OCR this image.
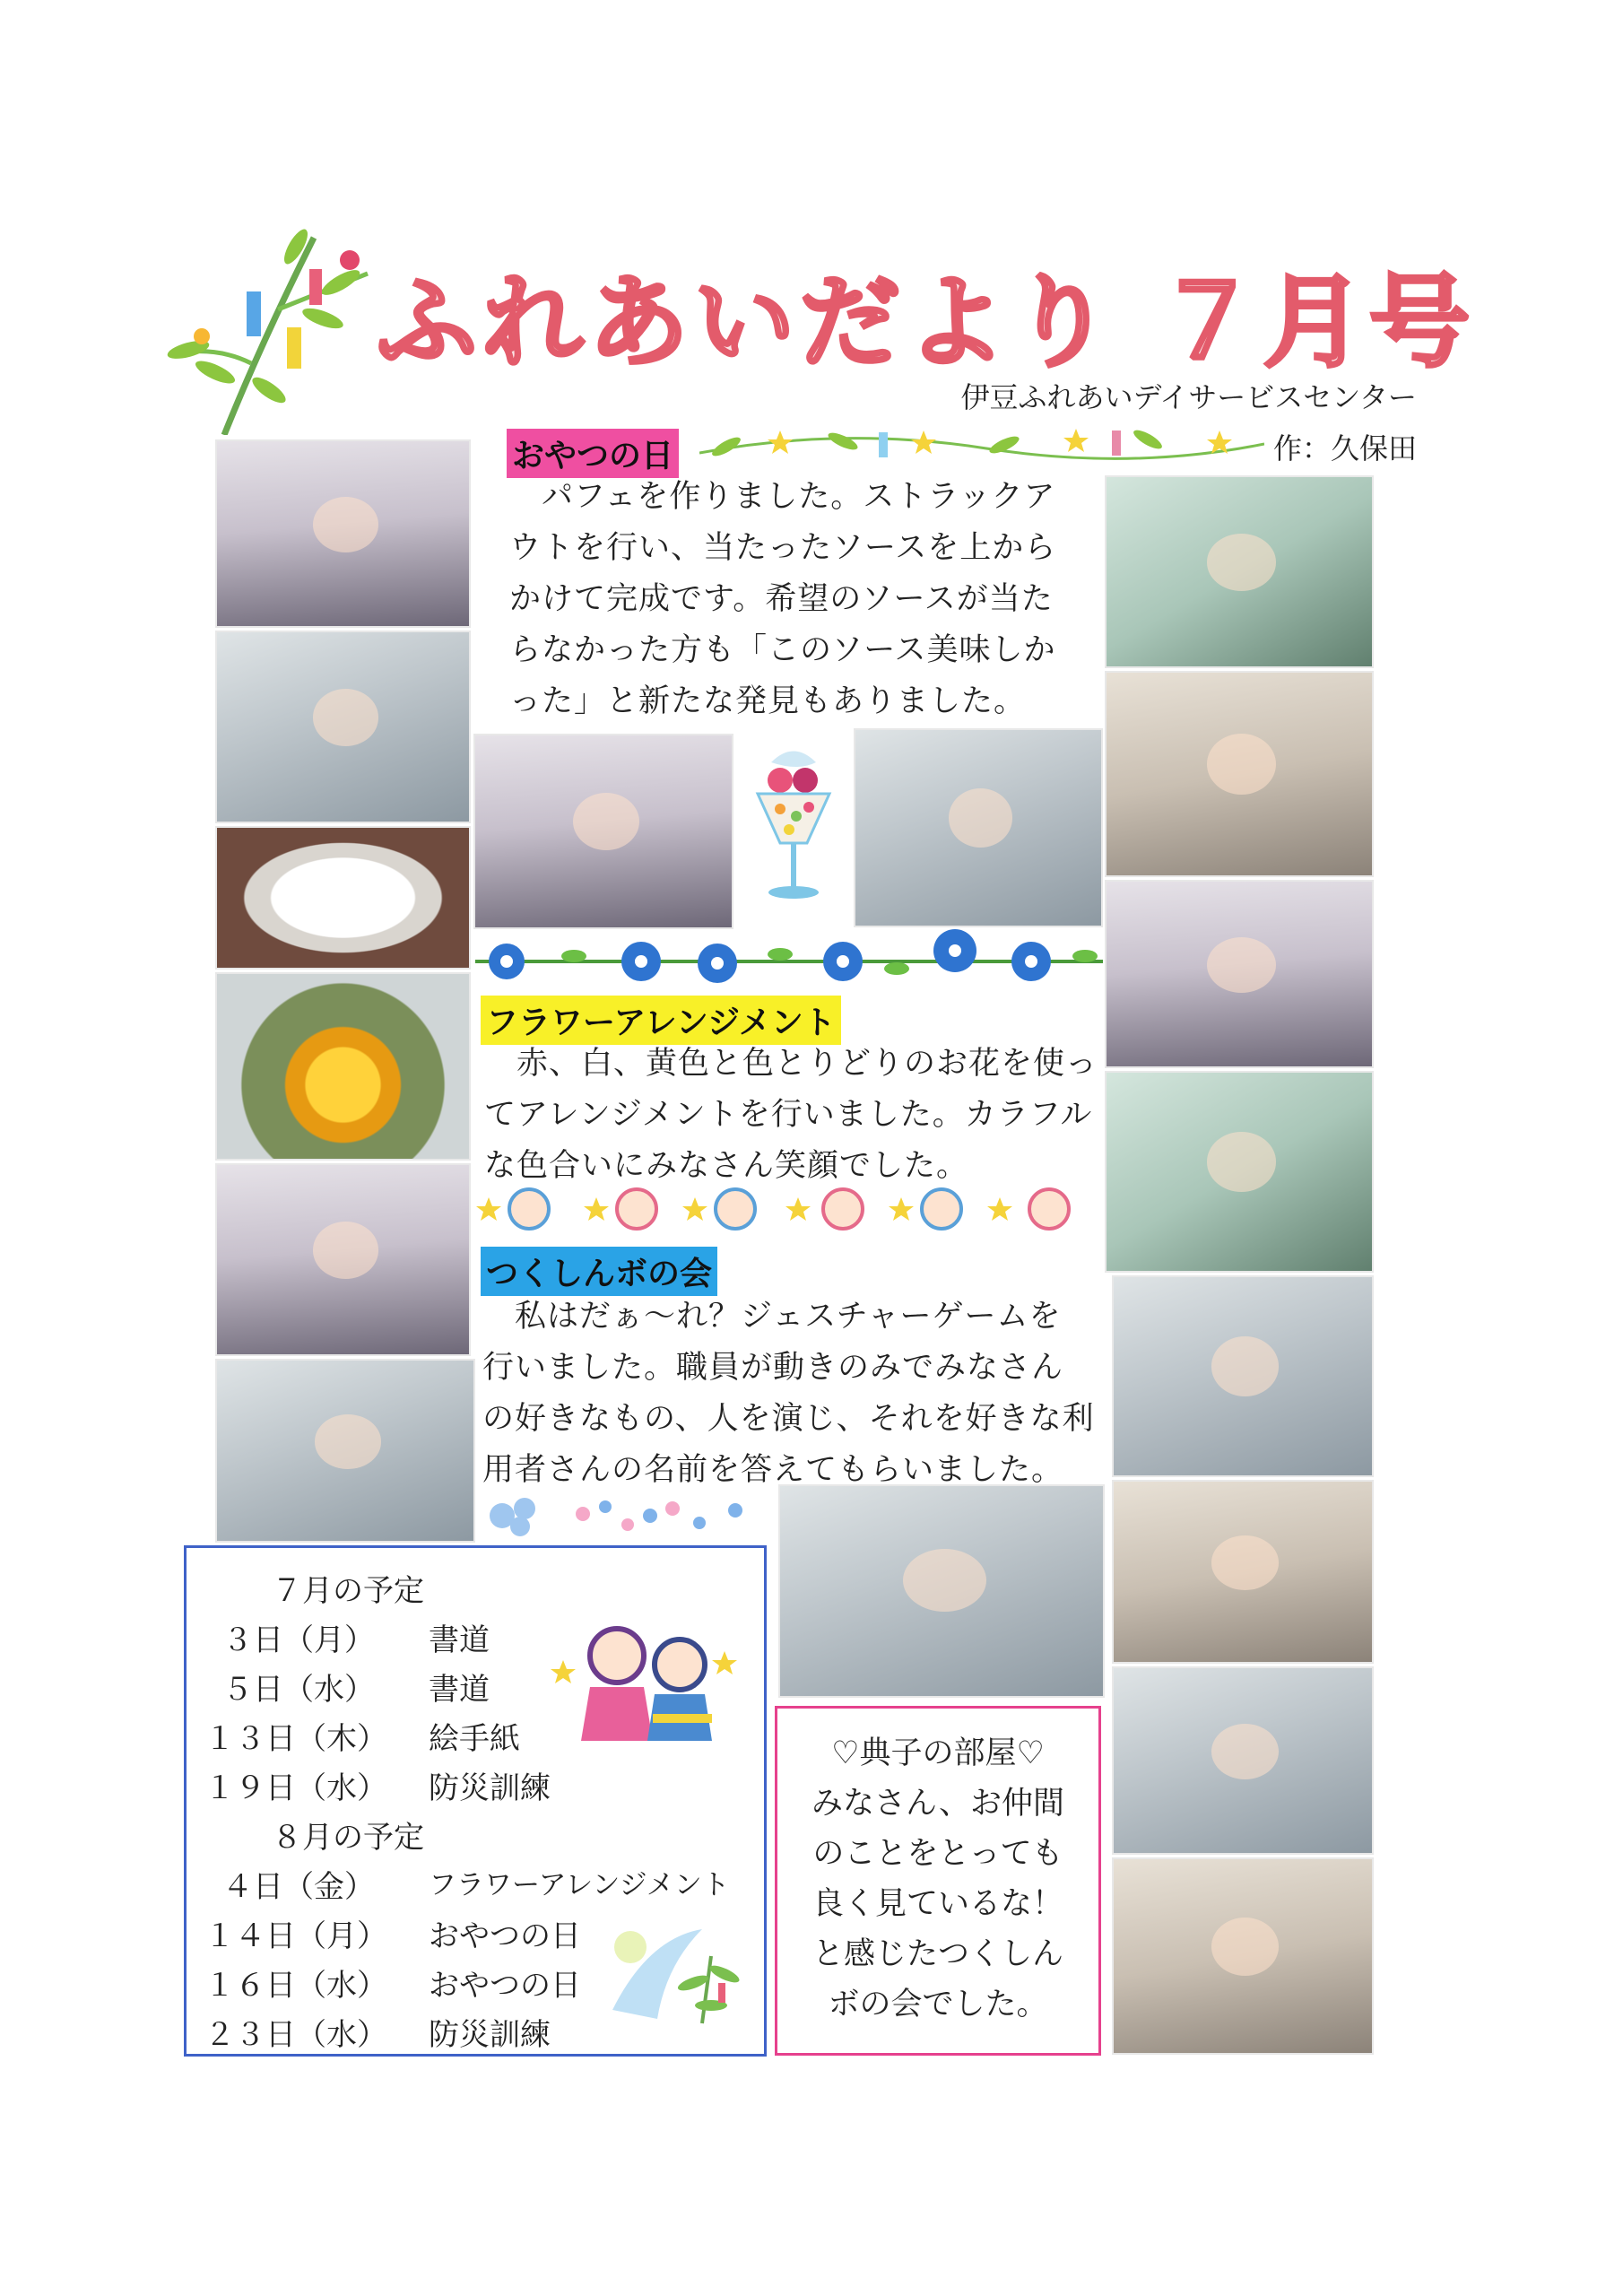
ふれあいだより ７月号
伊豆ふれあいデイサービスセンター
作：久保田
おやつの日
　パフェを作りました。ストラックア
ウトを行い、当たったソースを上から
かけて完成です。希望のソースが当た
らなかった方も「このソース美味しか
った」と新たな発見もありました。
フラワーアレンジメント
　赤、白、黄色と色とりどりのお花を使っ
てアレンジメントを行いました。カラフル
な色合いにみなさん笑顔でした。
つくしんボの会
　私はだぁ～れ？ジェスチャーゲームを
行いました。職員が動きのみでみなさん
の好きなもの、人を演じ、それを好きな利
用者さんの名前を答えてもらいました。
７月の予定
３日（月） 書道
５日（水） 書道
１３日（木） 絵手紙
１９日（水） 防災訓練
８月の予定
４日（金） フラワーアレンジメント
１４日（月） おやつの日
１６日（水） おやつの日
２３日（水） 防災訓練
♡典子の部屋♡
みなさん、お仲間
のことをとっても
良く見ているな！
と感じたつくしん
ボの会でした。
